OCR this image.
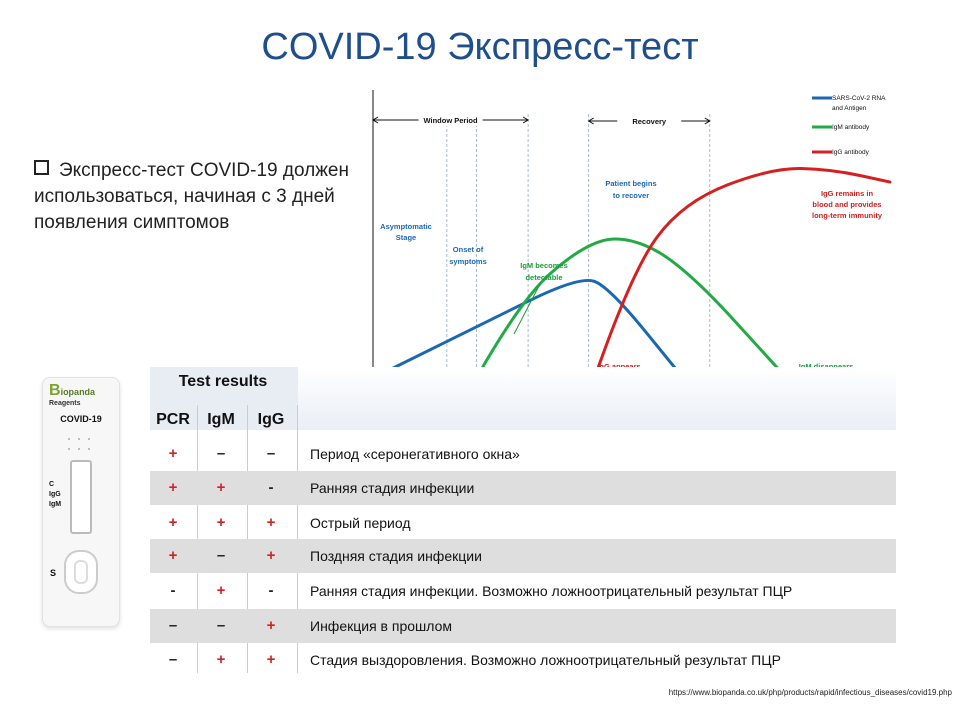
COVID-19 Экспресс-тест
Экспресс-тест COVID-19 должен использоваться, начиная с 3 дней появления симптомов
Window Period	Recovery
Asymptomatic Stage
Onset of symptoms	IgM becomes detectable
Patient begins to recover	IgG remains in blood and provides long-term immunity
SARS-CoV-2 RNA and Antigen
IgM antibody
IgG antibody
Biopanda
Reagents
COVID-19
C
IgG
IgM
S
Test results
PCR	IgM	IgG
+	–	–	Период «серонегативного окна»
+	+	-	Ранняя стадия инфекции
+	+	+	Острый период
+	–	+	Поздняя стадия инфекции
-	+	-	Ранняя стадия инфекции. Возможно ложноотрицательный результат ПЦР
–	–	+	Инфекция в прошлом
–	+	+	Стадия выздоровления. Возможно ложноотрицательный результат ПЦР
https://www.biopanda.co.uk/php/products/rapid/infectious_diseases/covid19.php
